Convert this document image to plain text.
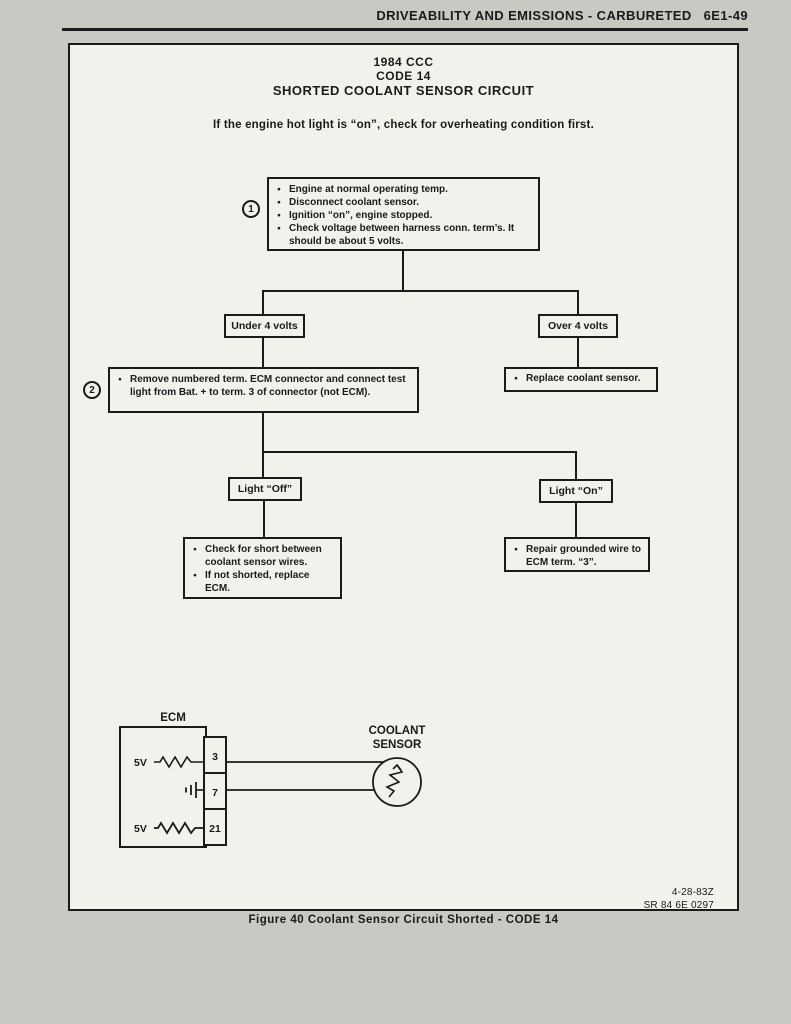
DRIVEABILITY AND EMISSIONS - CARBURETED 6E1-49
1984 CCC
CODE 14
SHORTED COOLANT SENSOR CIRCUIT
If the engine hot light is “on”, check for overheating condition first.
1
● Engine at normal operating temp.
● Disconnect coolant sensor.
● Ignition “on”, engine stopped.
● Check voltage between harness conn. term’s. It should be about 5 volts.
Under 4 volts	Over 4 volts
2
● Remove numbered term. ECM connector and connect test light from Bat. + to term. 3 of connector (not ECM).
● Replace coolant sensor.
Light “Off”	Light “On”
● Check for short between coolant sensor wires.
● If not shorted, replace ECM.
● Repair grounded wire to ECM term. “3”.
ECM
COOLANT
SENSOR
3
7
21
5V
5V
4-28-83Z
SR 84 6E 0297
Figure 40 Coolant Sensor Circuit Shorted - CODE 14
